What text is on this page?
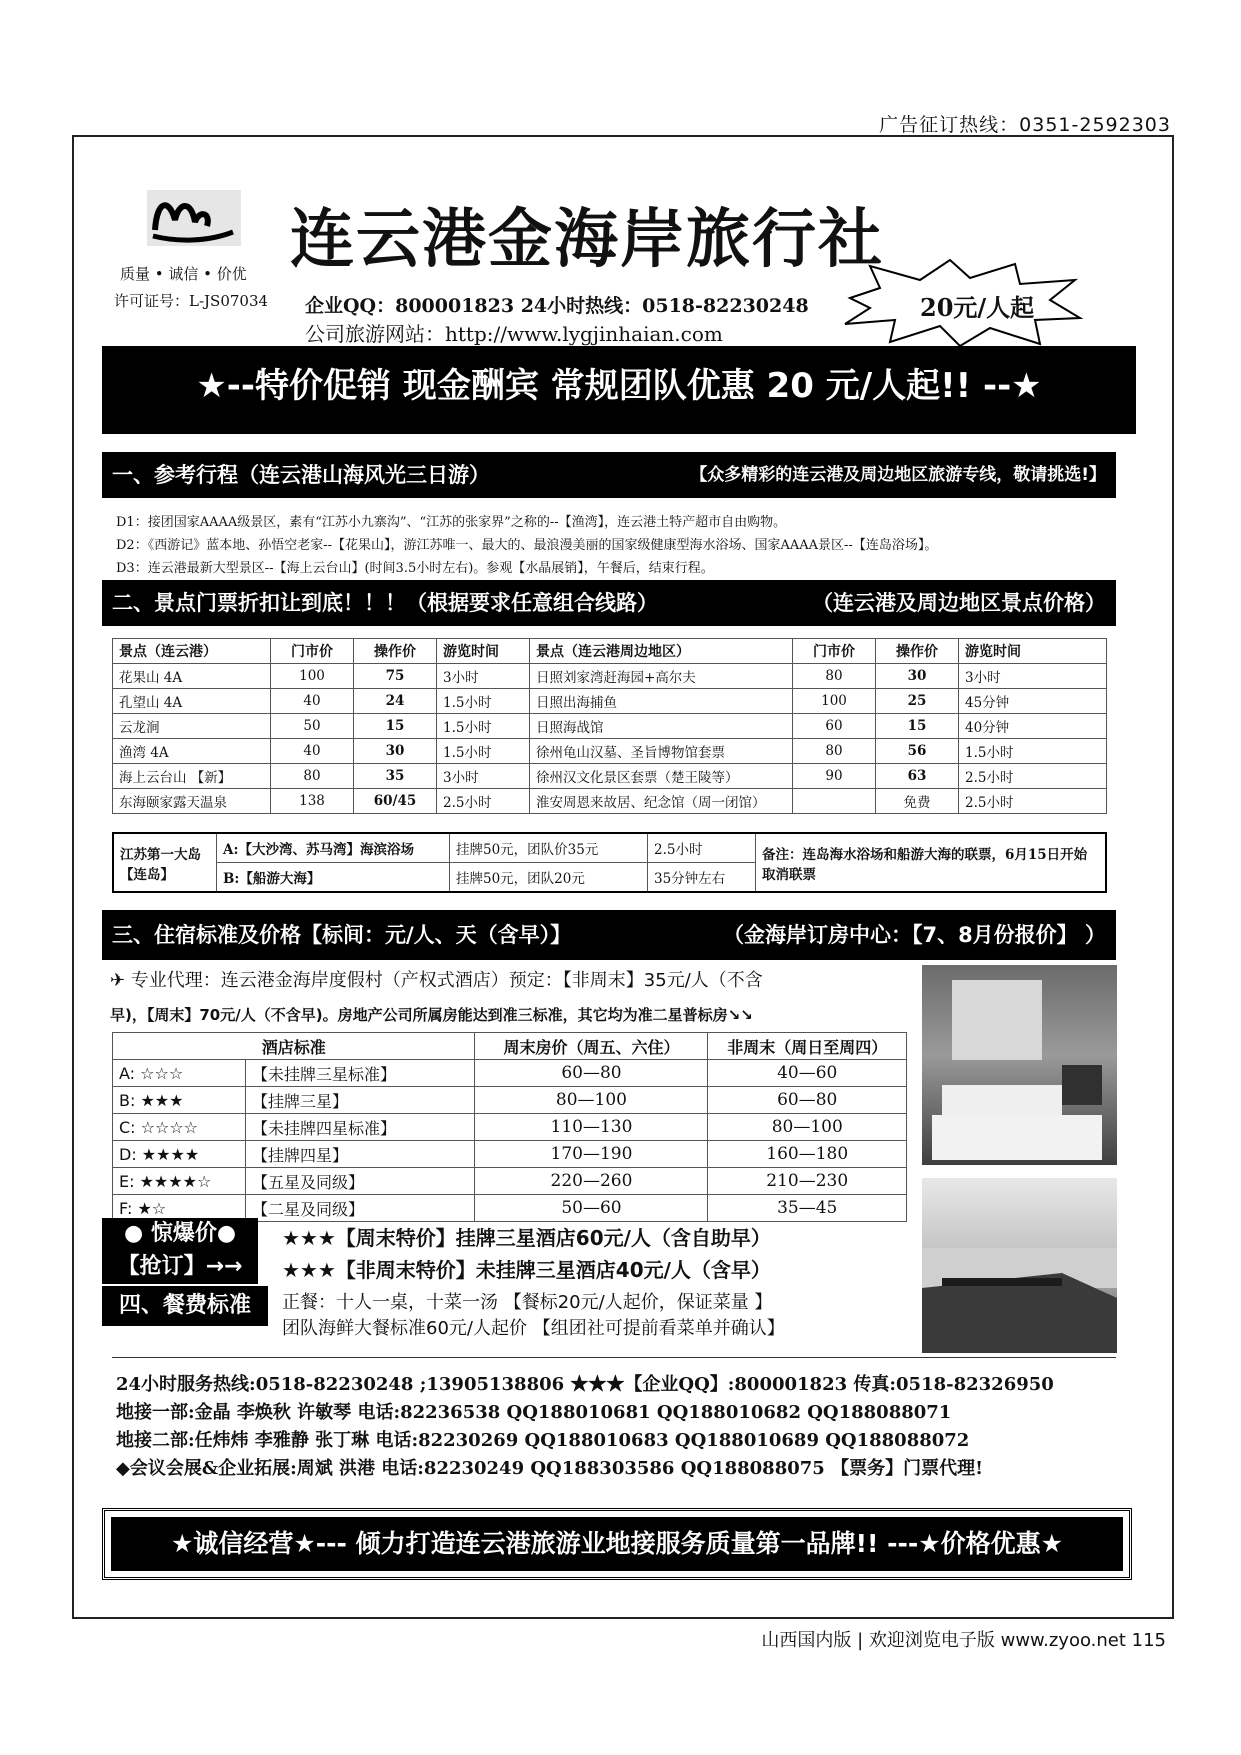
广告征订热线：0351-2592303
连云港金海岸旅行社
质量 • 诚信 • 价优
许可证号：L-JS07034 企业QQ：800001823 24小时热线：0518-82230248
公司旅游网站：http://www.lygjinhaian.com
20元/人起
★--特价促销 现金酬宾 常规团队优惠 20 元/人起!! --★
一、参考行程（连云港山海风光三日游）	【众多精彩的连云港及周边地区旅游专线，敬请挑选!】
D1：接团国家AAAA级景区，素有“江苏小九寨沟”、“江苏的张家界”之称的--【渔湾】，连云港土特产超市自由购物。
D2：《西游记》蓝本地、孙悟空老家--【花果山】，游江苏唯一、最大的、最浪漫美丽的国家级健康型海水浴场、国家AAAA景区--【连岛浴场】。
D3：连云港最新大型景区--【海上云台山】(时间3.5小时左右)。参观【水晶展销】，午餐后，结束行程。
二、景点门票折扣让到底！！！（根据要求任意组合线路）	（连云港及周边地区景点价格）
景点（连云港）	门市价	操作价	游览时间	景点（连云港周边地区）	门市价	操作价	游览时间
花果山 4A	100	75	3小时	日照刘家湾赶海园+高尔夫	80	30	3小时
孔望山 4A	40	24	1.5小时	日照出海捕鱼	100	25	45分钟
云龙涧	50	15	1.5小时	日照海战馆	60	15	40分钟
渔湾 4A	40	30	1.5小时	徐州龟山汉墓、圣旨博物馆套票	80	56	1.5小时
海上云台山 【新】	80	35	3小时	徐州汉文化景区套票（楚王陵等）	90	63	2.5小时
东海颐家露天温泉	138	60/45	2.5小时	淮安周恩来故居、纪念馆（周一闭馆）		免费	2.5小时
江苏第一大岛【连岛】	A:【大沙湾、苏马湾】海滨浴场	挂牌50元，团队价35元	2.5小时	备注：连岛海水浴场和船游大海的联票，6月15日开始取消联票
	B:【船游大海】	挂牌50元，团队20元	35分钟左右	
三、住宿标准及价格【标间：元/人、天（含早）】	（金海岸订房中心：【7、8月份报价】 ）
✈ 专业代理：连云港金海岸度假村（产权式酒店）预定：【非周末】35元/人（不含
早)，【周末】70元/人（不含早)。房地产公司所属房能达到准三标准，其它均为准二星普标房↘↘
酒店标准		周末房价（周五、六住）	非周末（周日至周四）
A: ☆☆☆	【未挂牌三星标准】	60—80	40—60
B: ★★★	【挂牌三星】	80—100	60—80
C: ☆☆☆☆	【未挂牌四星标准】	110—130	80—100
D: ★★★★	【挂牌四星】	170—190	160—180
E: ★★★★☆	【五星及同级】	220—260	210—230
F: ★☆	【二星及同级】	50—60	35—45
● 惊爆价●
【抢订】→→
四、餐费标准
★★★【周末特价】挂牌三星酒店60元/人（含自助早）
★★★【非周末特价】未挂牌三星酒店40元/人（含早）
正餐：十人一桌，十菜一汤 【餐标20元/人起价，保证菜量 】
团队海鲜大餐标准60元/人起价 【组团社可提前看菜单并确认】
24小时服务热线:0518-82230248 ;13905138806 ★★★【企业QQ】:800001823 传真:0518-82326950
地接一部:金晶 李焕秋 许敏琴 电话:82236538 QQ188010681 QQ188010682 QQ188088071
地接二部:任炜炜 李雅静 张丁琳 电话:82230269 QQ188010683 QQ188010689 QQ188088072
◆会议会展&企业拓展:周斌 洪港 电话:82230249 QQ188303586 QQ188088075 【票务】门票代理!
★诚信经营★--- 倾力打造连云港旅游业地接服务质量第一品牌!! ---★价格优惠★
山西国内版 | 欢迎浏览电子版 www.zyoo.net 115
